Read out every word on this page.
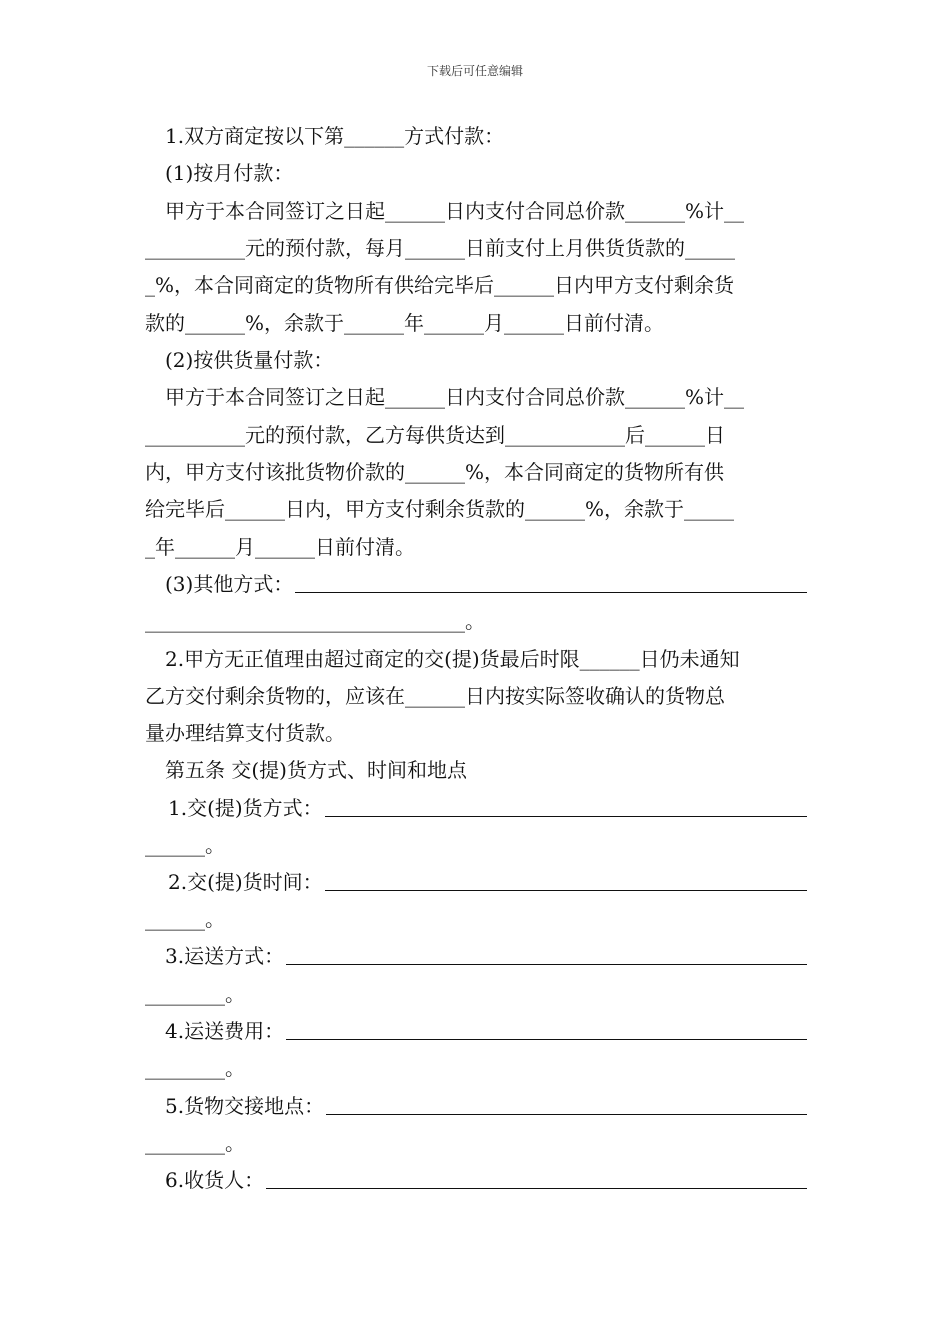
下载后可任意编辑
1.双方商定按以下第______方式付款：
(1)按月付款：
甲方于本合同签订之日起______日内支付合同总价款______%计__
__________元的预付款，每月______日前支付上月供货货款的_____
_%，本合同商定的货物所有供给完毕后______日内甲方支付剩余货
款的______%，余款于______年______月______日前付清。
(2)按供货量付款：
甲方于本合同签订之日起______日内支付合同总价款______%计__
__________元的预付款，乙方每供货达到____________后______日
内，甲方支付该批货物价款的______%，本合同商定的货物所有供
给完毕后______日内，甲方支付剩余货款的______%，余款于_____
_年______月______日前付清。
(3)其他方式：
________________________________。
2.甲方无正值理由超过商定的交(提)货最后时限______日仍未通知
乙方交付剩余货物的，应该在______日内按实际签收确认的货物总
量办理结算支付货款。
第五条 交(提)货方式、时间和地点
1.交(提)货方式：
______。
2.交(提)货时间：
______。
3.运送方式：
________。
4.运送费用：
________。
5.货物交接地点：
________。
6.收货人：
